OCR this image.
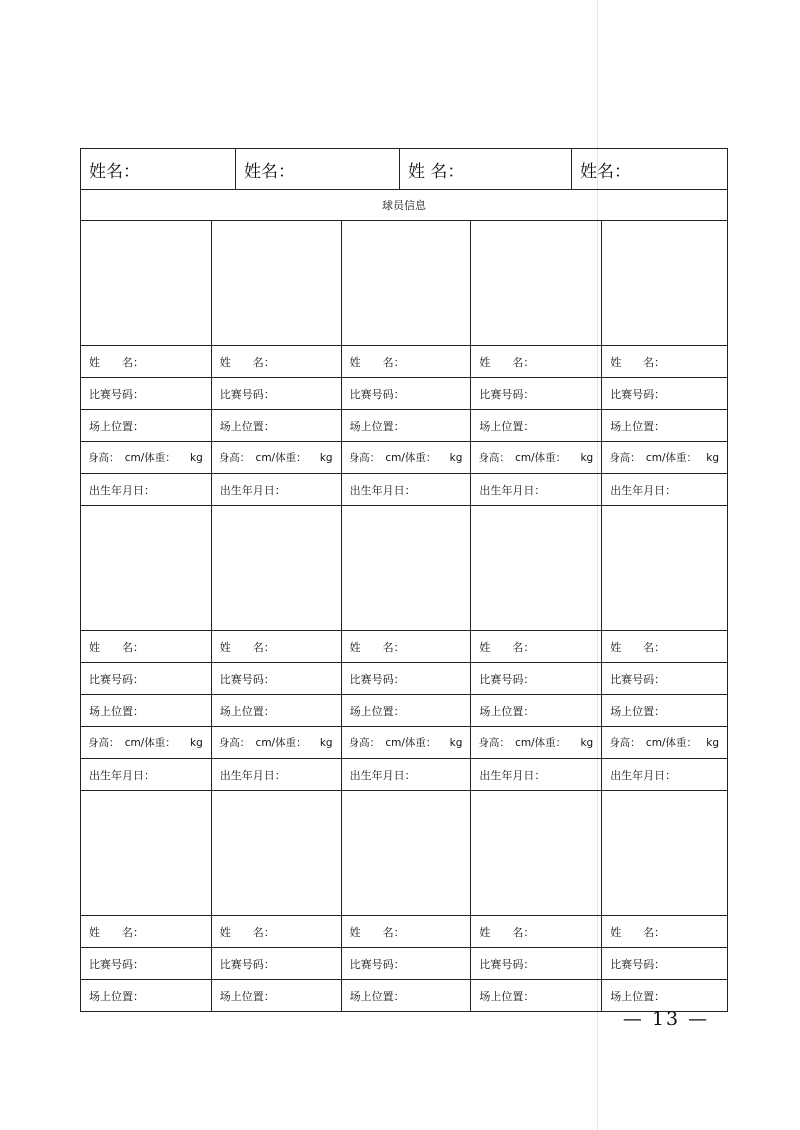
姓名：	姓名：	姓 名：	姓名：
球员信息
姓　　名：	姓　　名：	姓　　名：	姓　　名：	姓　　名：
比赛号码：	比赛号码：	比赛号码：	比赛号码：	比赛号码：
场上位置：	场上位置：	场上位置：	场上位置：	场上位置：
身高：　cm/体重： kg 身高：　cm/体重： kg 身高：　cm/体重： kg 身高：　cm/体重： kg 身高：　cm/体重： kg
出生年月日：	出生年月日：	出生年月日：	出生年月日：	出生年月日：
姓　　名：	姓　　名：	姓　　名：	姓　　名：	姓　　名：
比赛号码：	比赛号码：	比赛号码：	比赛号码：	比赛号码：
场上位置：	场上位置：	场上位置：	场上位置：	场上位置：
身高：　cm/体重： kg 身高：　cm/体重： kg 身高：　cm/体重： kg 身高：　cm/体重： kg 身高：　cm/体重： kg
出生年月日：	出生年月日：	出生年月日：	出生年月日：	出生年月日：
姓　　名：	姓　　名：	姓　　名：	姓　　名：	姓　　名：
比赛号码：	比赛号码：	比赛号码：	比赛号码：	比赛号码：
场上位置：	场上位置：	场上位置：	场上位置：	场上位置：
— 13 —
